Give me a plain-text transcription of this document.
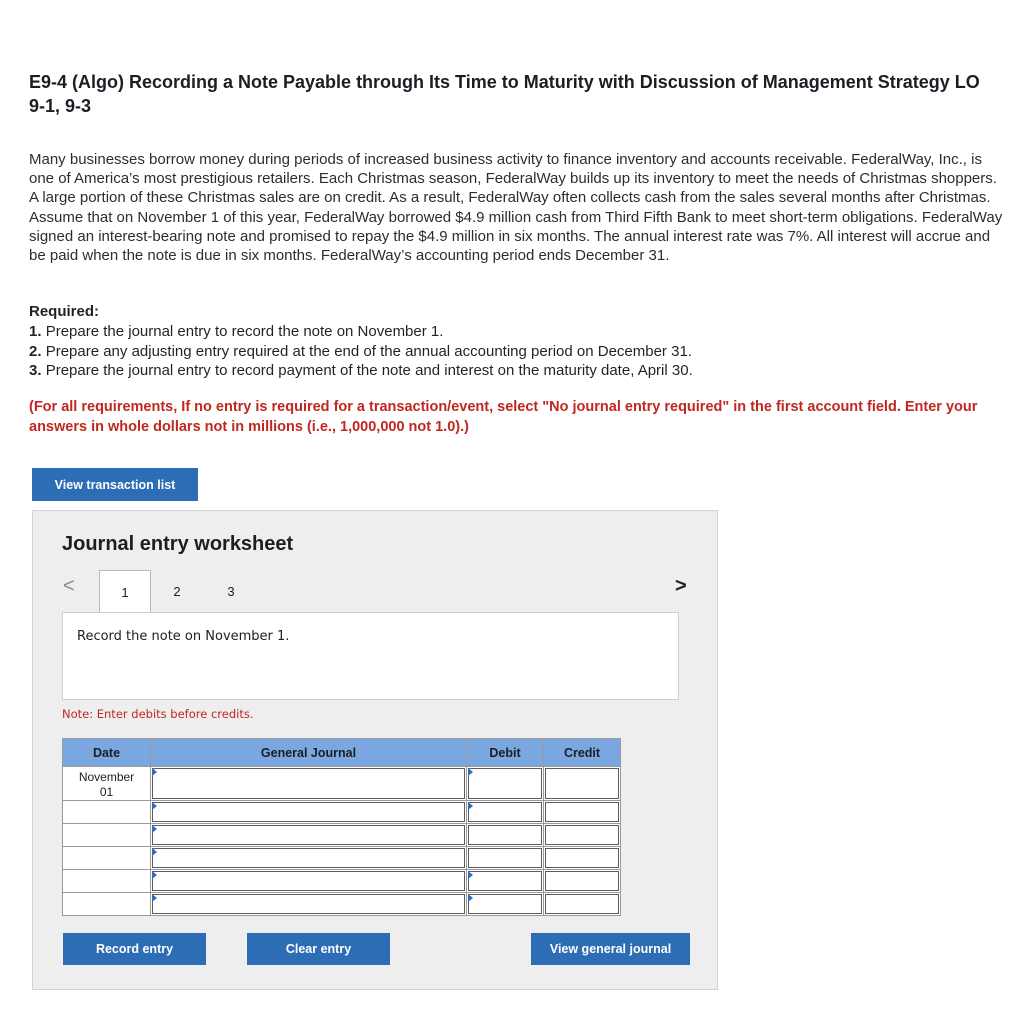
E9-4 (Algo) Recording a Note Payable through Its Time to Maturity with Discussion of Management Strategy LO 9-1, 9-3

Many businesses borrow money during periods of increased business activity to finance inventory and accounts receivable. FederalWay, Inc., is one of America’s most prestigious retailers. Each Christmas season, FederalWay builds up its inventory to meet the needs of Christmas shoppers. A large portion of these Christmas sales are on credit. As a result, FederalWay often collects cash from the sales several months after Christmas. Assume that on November 1 of this year, FederalWay borrowed $4.9 million cash from Third Fifth Bank to meet short-term obligations. FederalWay signed an interest-bearing note and promised to repay the $4.9 million in six months. The annual interest rate was 7%. All interest will accrue and be paid when the note is due in six months. FederalWay’s accounting period ends December 31.

Required:
1. Prepare the journal entry to record the note on November 1.
2. Prepare any adjusting entry required at the end of the annual accounting period on December 31.
3. Prepare the journal entry to record payment of the note and interest on the maturity date, April 30.
(For all requirements, If no entry is required for a transaction/event, select "No journal entry required" in the first account field. Enter your answers in whole dollars not in millions (i.e., 1,000,000 not 1.0).)
View transaction list
Journal entry worksheet
<	1	2	3	>
Record the note on November 1.
Note: Enter debits before credits.
Date	General Journal	Debit	Credit
November
01	

Record entry	Clear entry	View general journal
